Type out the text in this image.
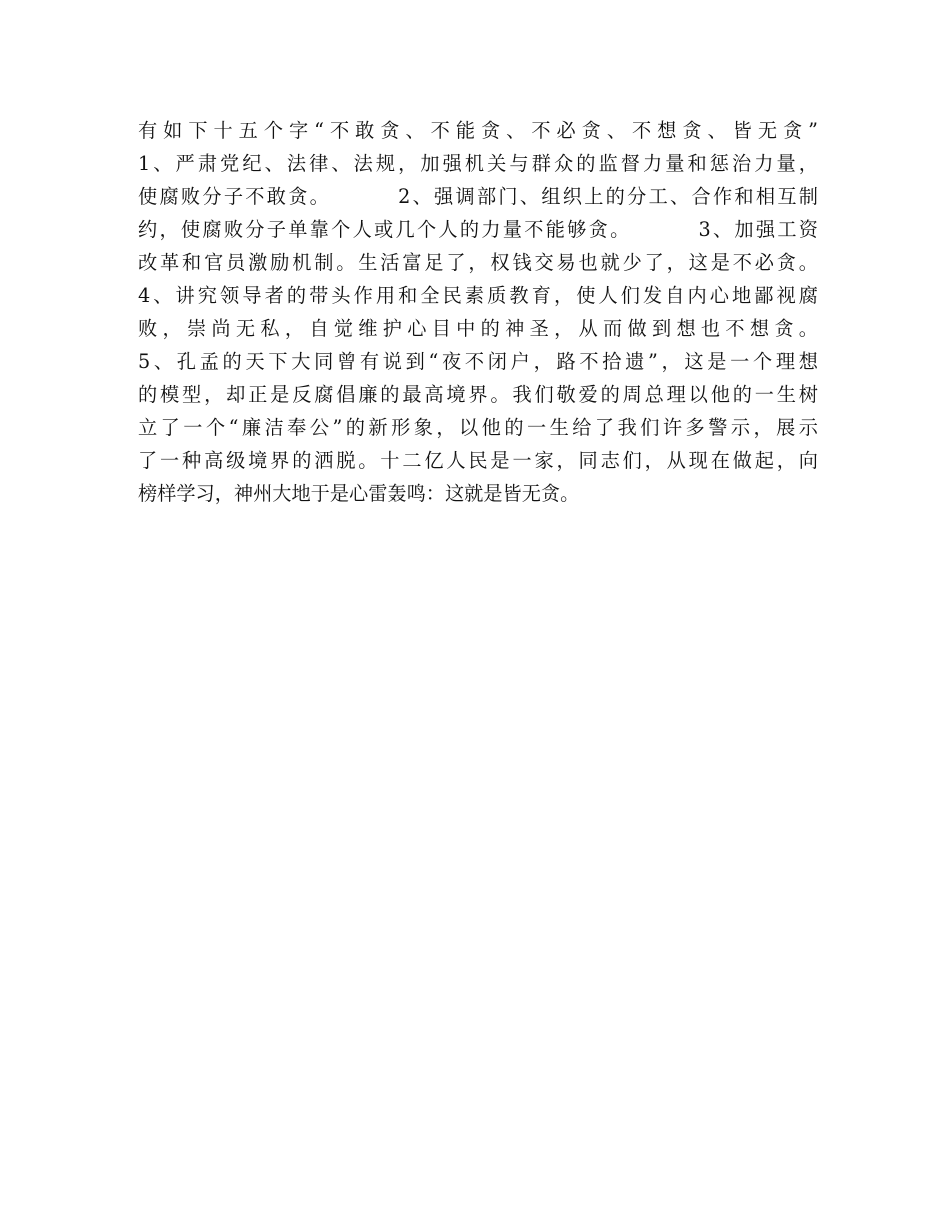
有如下十五个字“不敢贪、不能贪、不必贪、不想贪、皆无贪”
1、严肃党纪、法律、法规，加强机关与群众的监督力量和惩治力量，
使腐败分子不敢贪。        2、强调部门、组织上的分工、合作和相互制
约，使腐败分子单靠个人或几个人的力量不能够贪。        3、加强工资
改革和官员激励机制。生活富足了，权钱交易也就少了，这是不必贪。
4、讲究领导者的带头作用和全民素质教育，使人们发自内心地鄙视腐
败，崇尚无私，自觉维护心目中的神圣，从而做到想也不想贪。
5、孔孟的天下大同曾有说到“夜不闭户，路不拾遗”，这是一个理想
的模型，却正是反腐倡廉的最高境界。我们敬爱的周总理以他的一生树
立了一个“廉洁奉公”的新形象，以他的一生给了我们许多警示，展示
了一种高级境界的洒脱。十二亿人民是一家，同志们，从现在做起，向
榜样学习，神州大地于是心雷轰鸣：这就是皆无贪。
